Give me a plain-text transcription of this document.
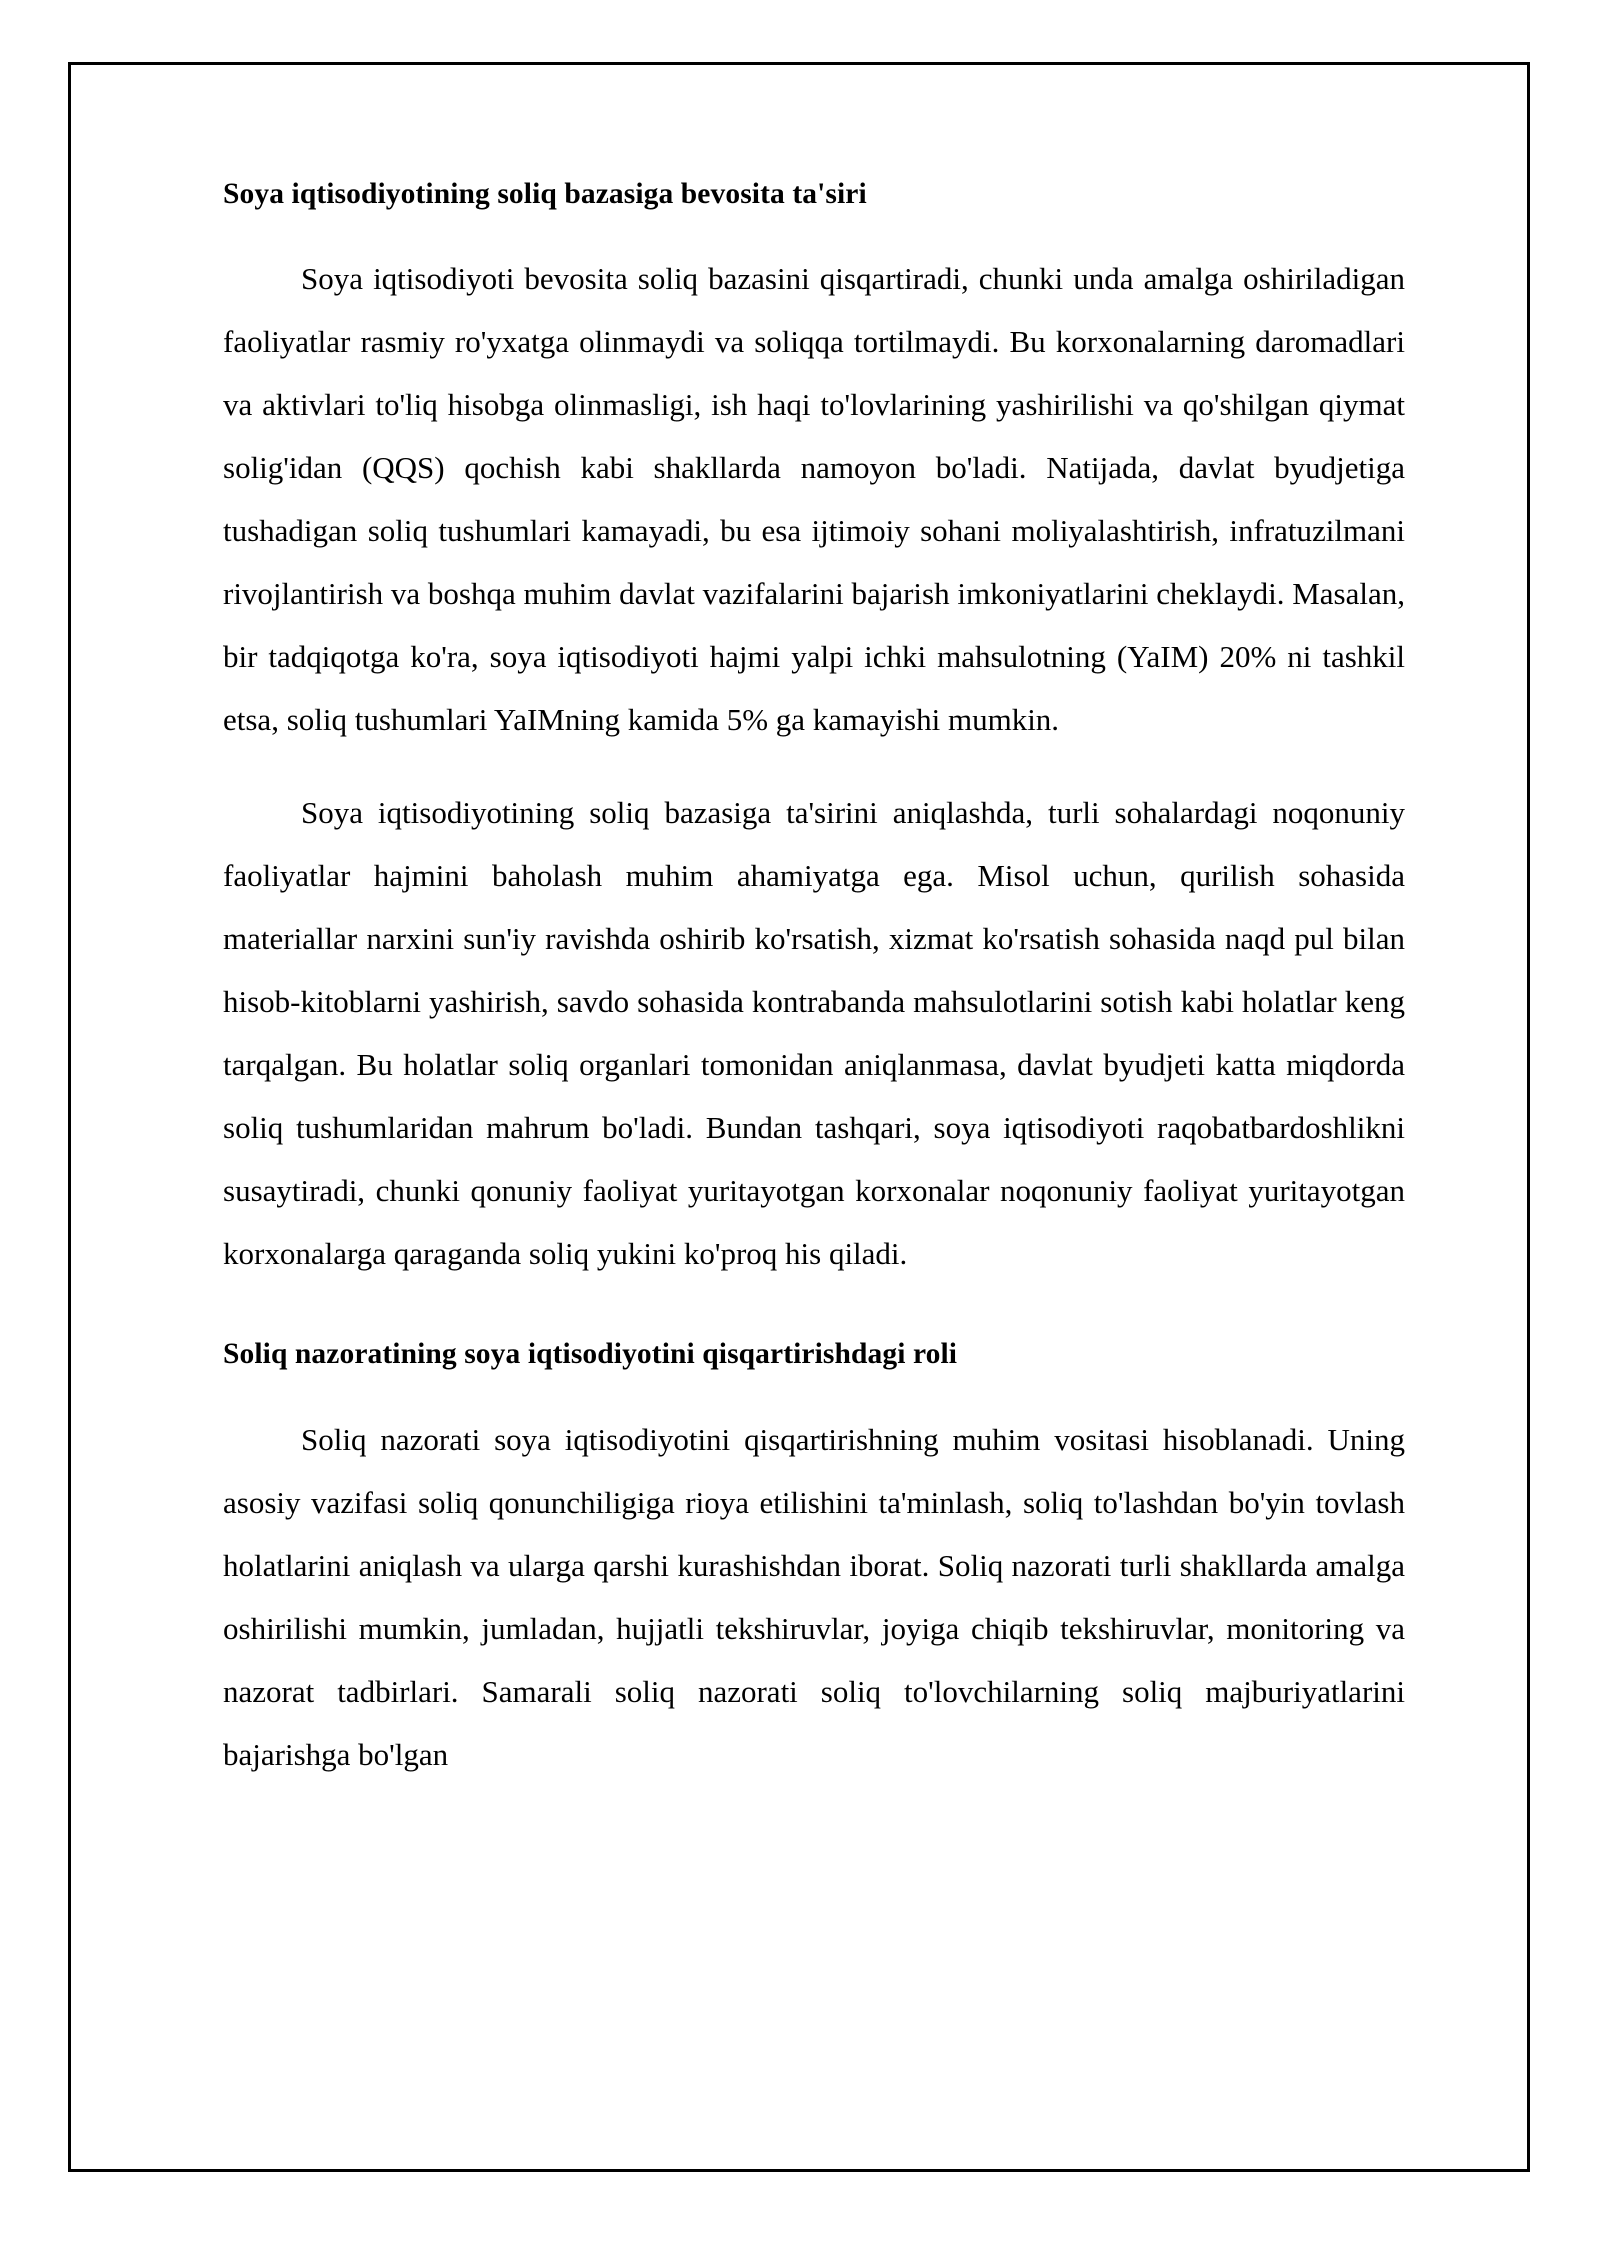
Soya iqtisodiyotining soliq bazasiga bevosita ta'siri

Soya iqtisodiyoti bevosita soliq bazasini qisqartiradi, chunki unda amalga oshiriladigan faoliyatlar rasmiy ro'yxatga olinmaydi va soliqqa tortilmaydi. Bu korxonalarning daromadlari va aktivlari to'liq hisobga olinmasligi, ish haqi to'lovlarining yashirilishi va qo'shilgan qiymat solig'idan (QQS) qochish kabi shakllarda namoyon bo'ladi. Natijada, davlat byudjetiga tushadigan soliq tushumlari kamayadi, bu esa ijtimoiy sohani moliyalashtirish, infratuzilmani rivojlantirish va boshqa muhim davlat vazifalarini bajarish imkoniyatlarini cheklaydi. Masalan, bir tadqiqotga ko'ra, soya iqtisodiyoti hajmi yalpi ichki mahsulotning (YaIM) 20% ni tashkil etsa, soliq tushumlari YaIMning kamida 5% ga kamayishi mumkin.

Soya iqtisodiyotining soliq bazasiga ta'sirini aniqlashda, turli sohalardagi noqonuniy faoliyatlar hajmini baholash muhim ahamiyatga ega. Misol uchun, qurilish sohasida materiallar narxini sun'iy ravishda oshirib ko'rsatish, xizmat ko'rsatish sohasida naqd pul bilan hisob-kitoblarni yashirish, savdo sohasida kontrabanda mahsulotlarini sotish kabi holatlar keng tarqalgan. Bu holatlar soliq organlari tomonidan aniqlanmasa, davlat byudjeti katta miqdorda soliq tushumlaridan mahrum bo'ladi. Bundan tashqari, soya iqtisodiyoti raqobatbardoshlikni susaytiradi, chunki qonuniy faoliyat yuritayotgan korxonalar noqonuniy faoliyat yuritayotgan korxonalarga qaraganda soliq yukini ko'proq his qiladi.

Soliq nazoratining soya iqtisodiyotini qisqartirishdagi roli

Soliq nazorati soya iqtisodiyotini qisqartirishning muhim vositasi hisoblanadi. Uning asosiy vazifasi soliq qonunchiligiga rioya etilishini ta'minlash, soliq to'lashdan bo'yin tovlash holatlarini aniqlash va ularga qarshi kurashishdan iborat. Soliq nazorati turli shakllarda amalga oshirilishi mumkin, jumladan, hujjatli tekshiruvlar, joyiga chiqib tekshiruvlar, monitoring va nazorat tadbirlari. Samarali soliq nazorati soliq to'lovchilarning soliq majburiyatlarini bajarishga bo'lgan
